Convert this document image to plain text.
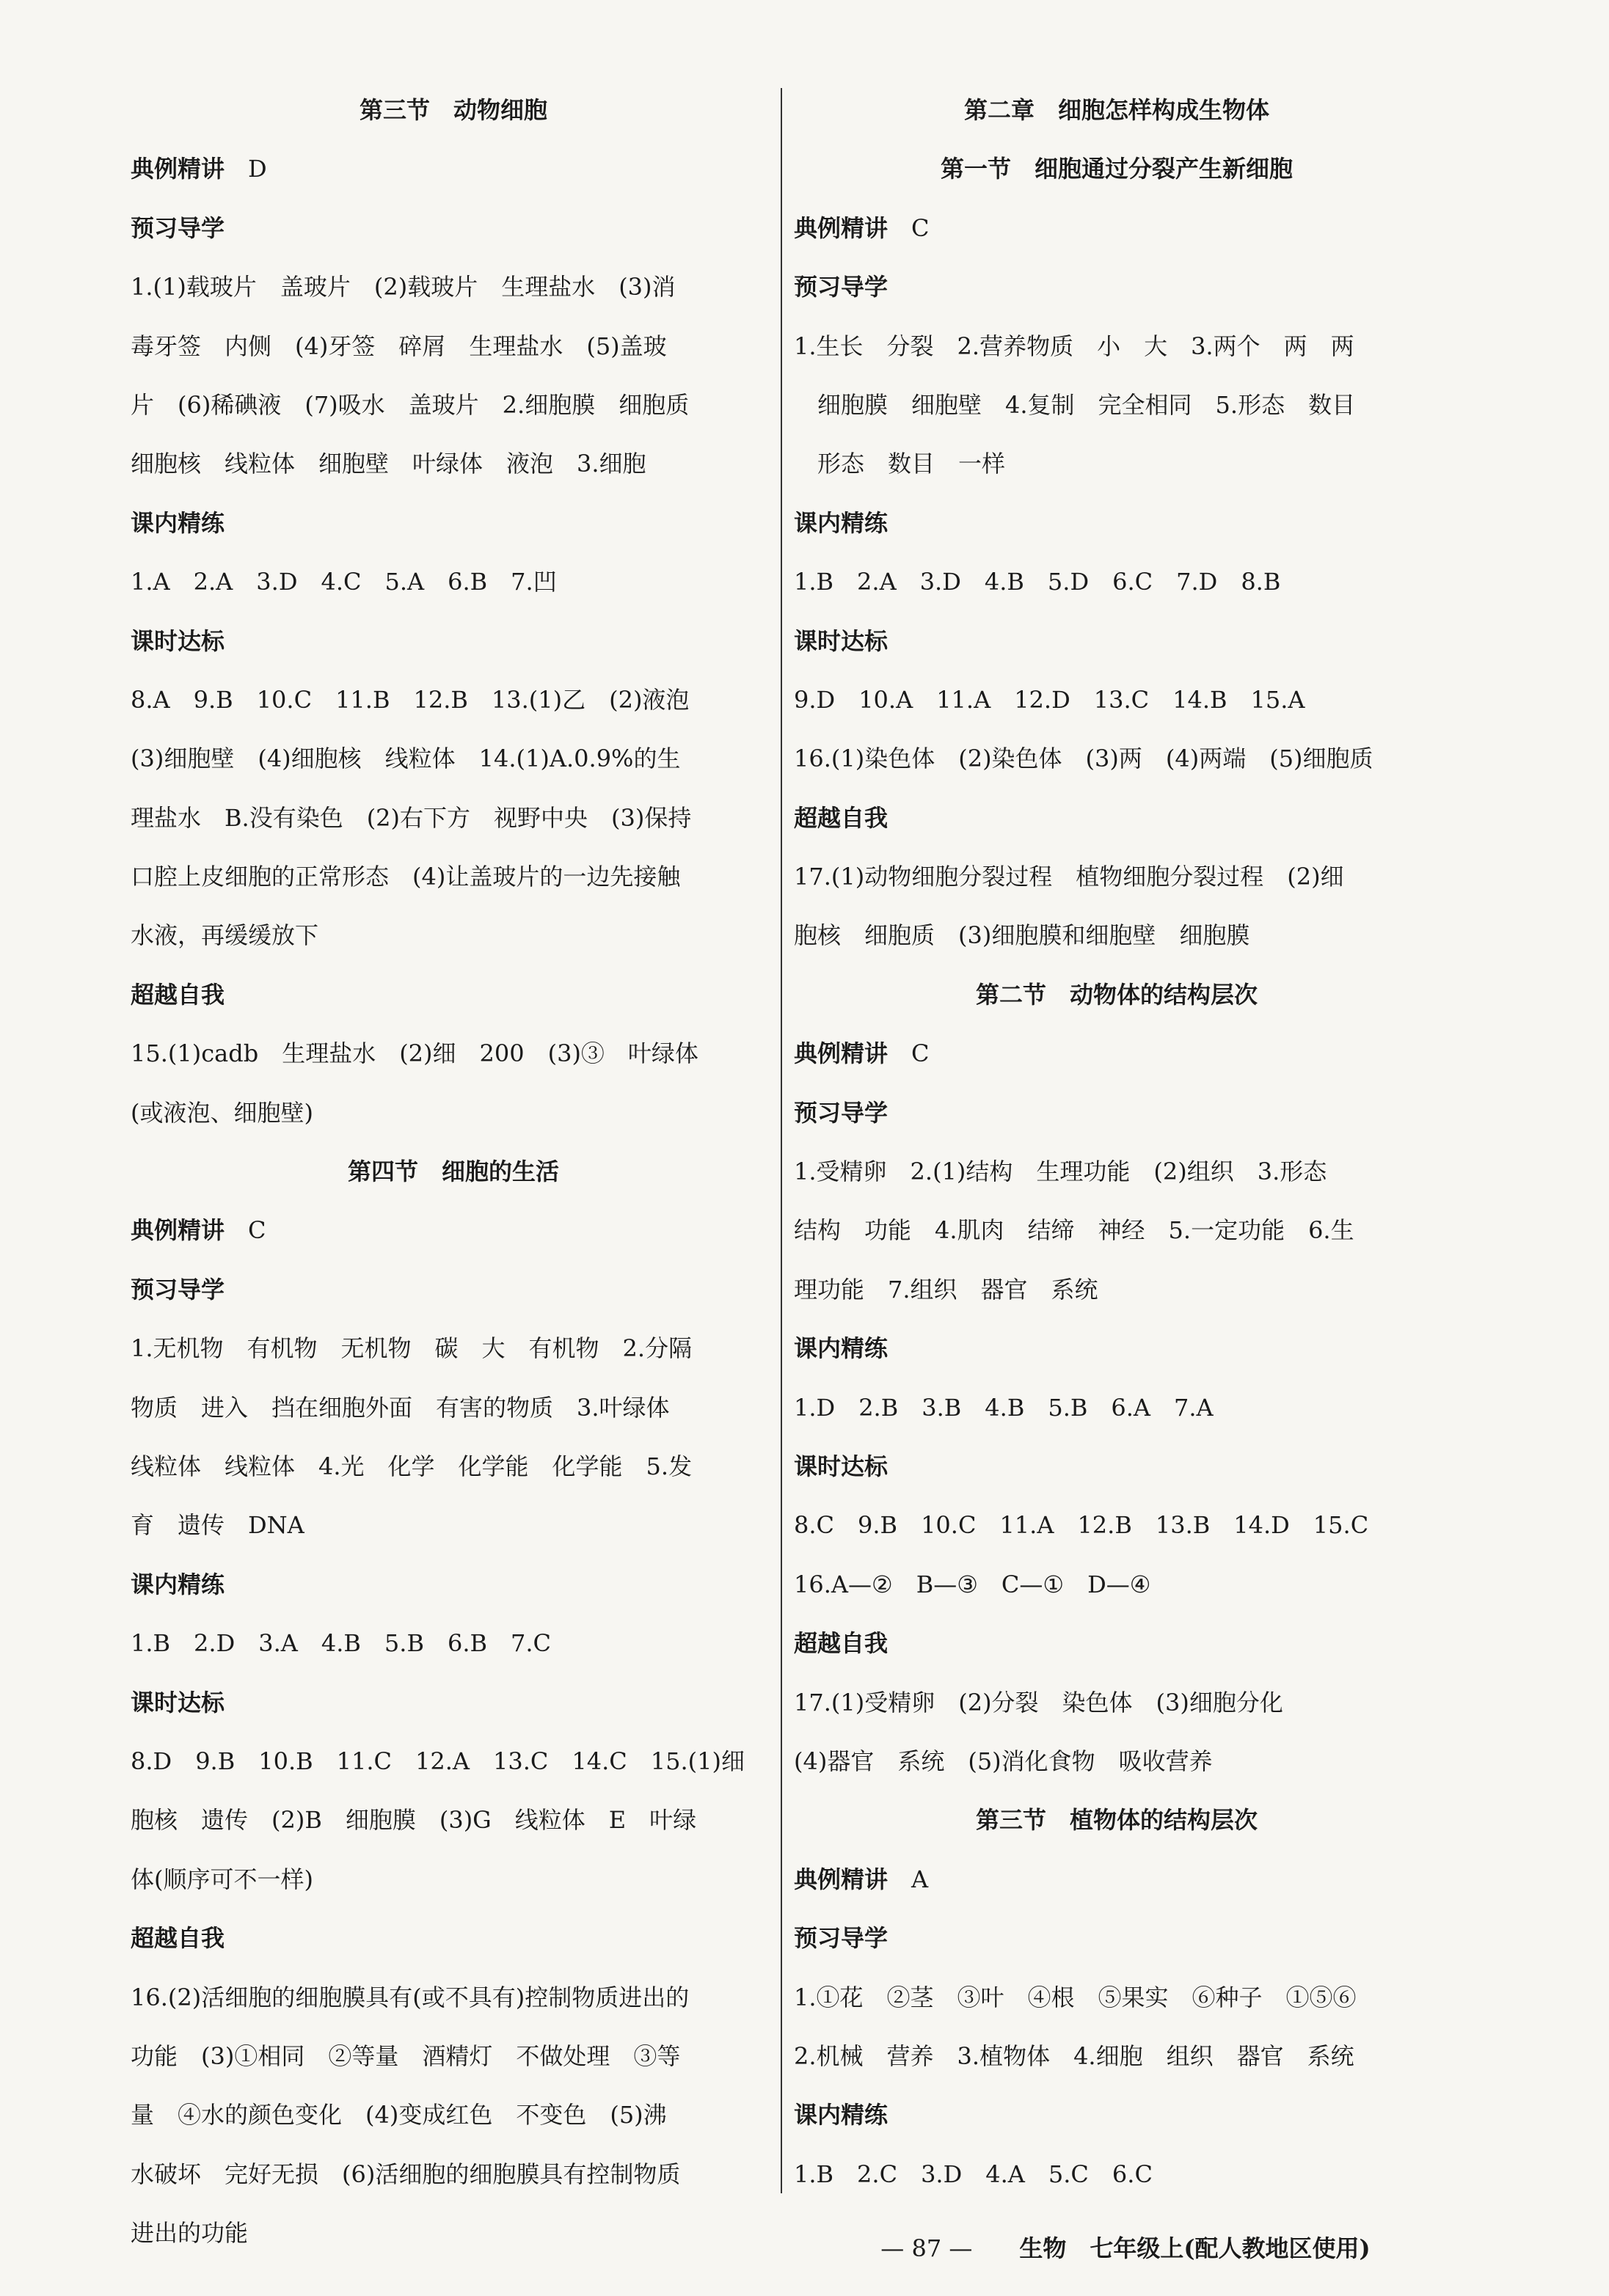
第三节　动物细胞
典例精讲　 D
预习导学
1.(1)载玻片　盖玻片　(2)载玻片　生理盐水　(3)消
毒牙签　内侧　(4)牙签　碎屑　生理盐水　(5)盖玻
片　(6)稀碘液　(7)吸水　盖玻片　2.细胞膜　细胞质
细胞核　线粒体　细胞壁　叶绿体　液泡　3.细胞
课内精练
1.A　2.A　3.D　4.C　5.A　6.B　7.凹
课时达标
8.A　9.B　10.C　11.B　12.B　13.(1)乙　(2)液泡
(3)细胞壁　(4)细胞核　线粒体　14.(1)A.0.9%的生
理盐水　B.没有染色　(2)右下方　视野中央　(3)保持
口腔上皮细胞的正常形态　(4)让盖玻片的一边先接触
水液，再缓缓放下
超越自我
15.(1)cadb　生理盐水　(2)细　200　(3)③　叶绿体
(或液泡、细胞壁)
第四节　细胞的生活
典例精讲　 C
预习导学
1.无机物　有机物　无机物　碳　大　有机物　2.分隔
物质　进入　挡在细胞外面　有害的物质　3.叶绿体
线粒体　线粒体　4.光　化学　化学能　化学能　5.发
育　遗传　DNA
课内精练
1.B　2.D　3.A　4.B　5.B　6.B　7.C
课时达标
8.D　9.B　10.B　11.C　12.A　13.C　14.C　15.(1)细
胞核　遗传　(2)B　细胞膜　(3)G　线粒体　E　叶绿
体(顺序可不一样)
超越自我
16.(2)活细胞的细胞膜具有(或不具有)控制物质进出的
功能　(3)①相同　②等量　酒精灯　不做处理　③等
量　④水的颜色变化　(4)变成红色　不变色　(5)沸
水破坏　完好无损　(6)活细胞的细胞膜具有控制物质
进出的功能
第二章　细胞怎样构成生物体
第一节　细胞通过分裂产生新细胞
典例精讲　 C
预习导学
1.生长　分裂　2.营养物质　小　大　3.两个　两　两
　细胞膜　细胞壁　4.复制　完全相同　5.形态　数目
　形态　数目　一样
课内精练
1.B　2.A　3.D　4.B　5.D　6.C　7.D　8.B
课时达标
9.D　10.A　11.A　12.D　13.C　14.B　15.A
16.(1)染色体　(2)染色体　(3)两　(4)两端　(5)细胞质
超越自我
17.(1)动物细胞分裂过程　植物细胞分裂过程　(2)细
胞核　细胞质　(3)细胞膜和细胞壁　细胞膜
第二节　动物体的结构层次
典例精讲　 C
预习导学
1.受精卵　2.(1)结构　生理功能　(2)组织　3.形态
结构　功能　4.肌肉　结缔　神经　5.一定功能　6.生
理功能　7.组织　器官　系统
课内精练
1.D　2.B　3.B　4.B　5.B　6.A　7.A
课时达标
8.C　9.B　10.C　11.A　12.B　13.B　14.D　15.C
16.A—②　B—③　C—①　D—④
超越自我
17.(1)受精卵　(2)分裂　染色体　(3)细胞分化
(4)器官　系统　(5)消化食物　吸收营养
第三节　植物体的结构层次
典例精讲　 A
预习导学
1.①花　②茎　③叶　④根　⑤果实　⑥种子　①⑤⑥
2.机械　营养　3.植物体　4.细胞　组织　器官　系统
课内精练
1.B　2.C　3.D　4.A　5.C　6.C

— 87 —　　 生物　七年级上(配人教地区使用)
